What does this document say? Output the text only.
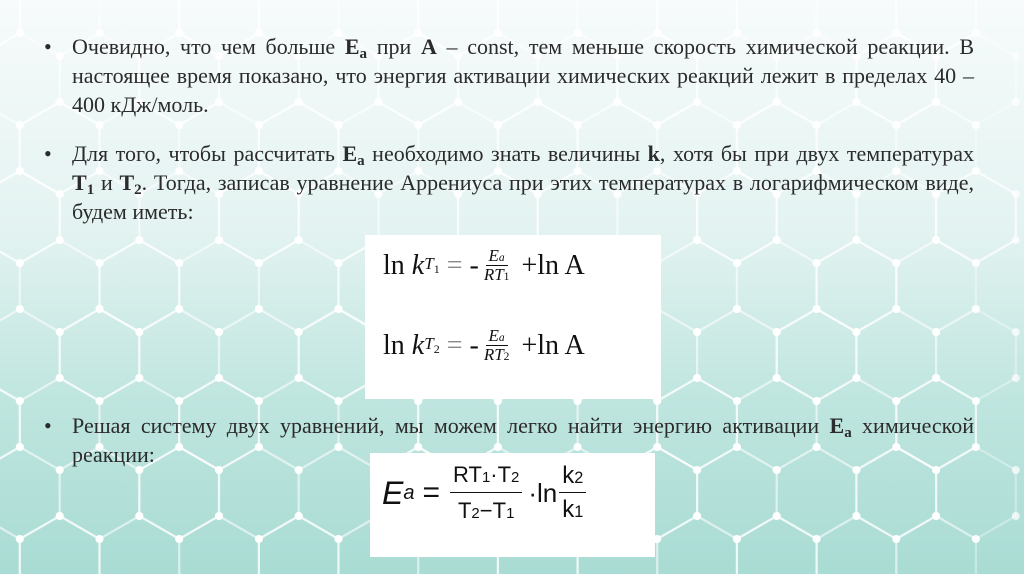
• Очевидно, что чем больше $E_a$ при A – const, тем меньше скорость химической реакции. В настоящее время показано, что энергия активации химических реакций лежит в пределах 40 – 400 кДж/моль.
• Для того, чтобы рассчитать $E_a$ необходимо знать величины k, хотя бы при двух температурах $T_1$ и $T_2$. Тогда, записав уравнение Аррениуса при этих температурах в логарифмическом виде, будем иметь:
• Решая систему двух уравнений, мы можем легко найти энергию активации $E_a$ химической реакции:
ln
k $T_1$
=
- $\frac{Ea}{RT1}$
+ln A
ln
k $T_2$
=
- $\frac{Ea}{RT2}$
+ln A
E $a = \frac{RT1\cdot T2}{T2-T1} \cdot\ln \frac{k2}{k1}$
